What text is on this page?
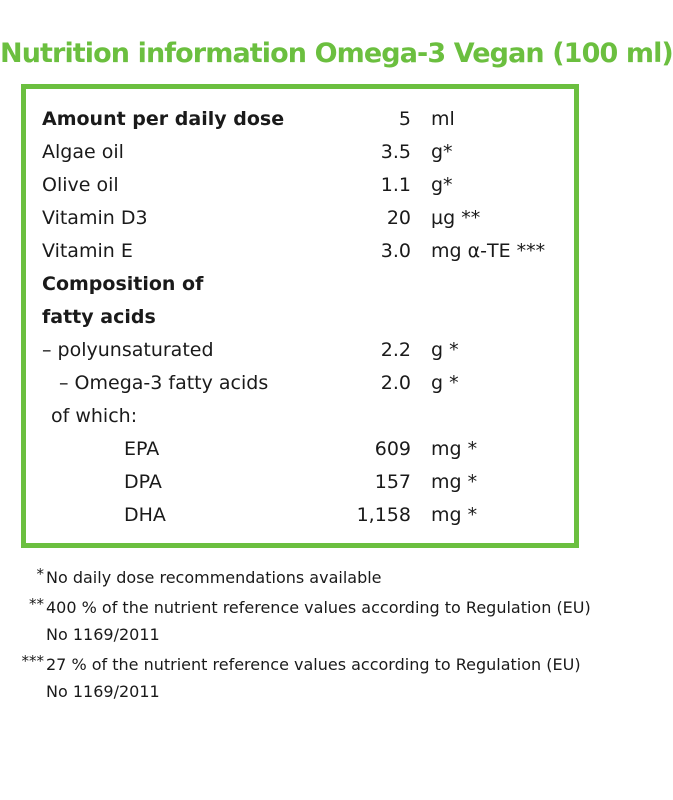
Nutrition information Omega-3 Vegan (100 ml)
Amount per daily dose	5 ml
Algae oil	3.5 g*
Olive oil	1.1 g*
Vitamin D3	20 µg **
Vitamin E	3.0 mg α-TE ***
Composition of
fatty acids
– polyunsaturated	2.2 g *
– Omega-3 fatty acids	2.0 g *
of which:
EPA	609 mg *
DPA	157 mg *
DHA	1,158 mg *
* No daily dose recommendations available
** 400 % of the nutrient reference values according to Regulation (EU)
No 1169/2011
*** 27 % of the nutrient reference values according to Regulation (EU)
No 1169/2011
